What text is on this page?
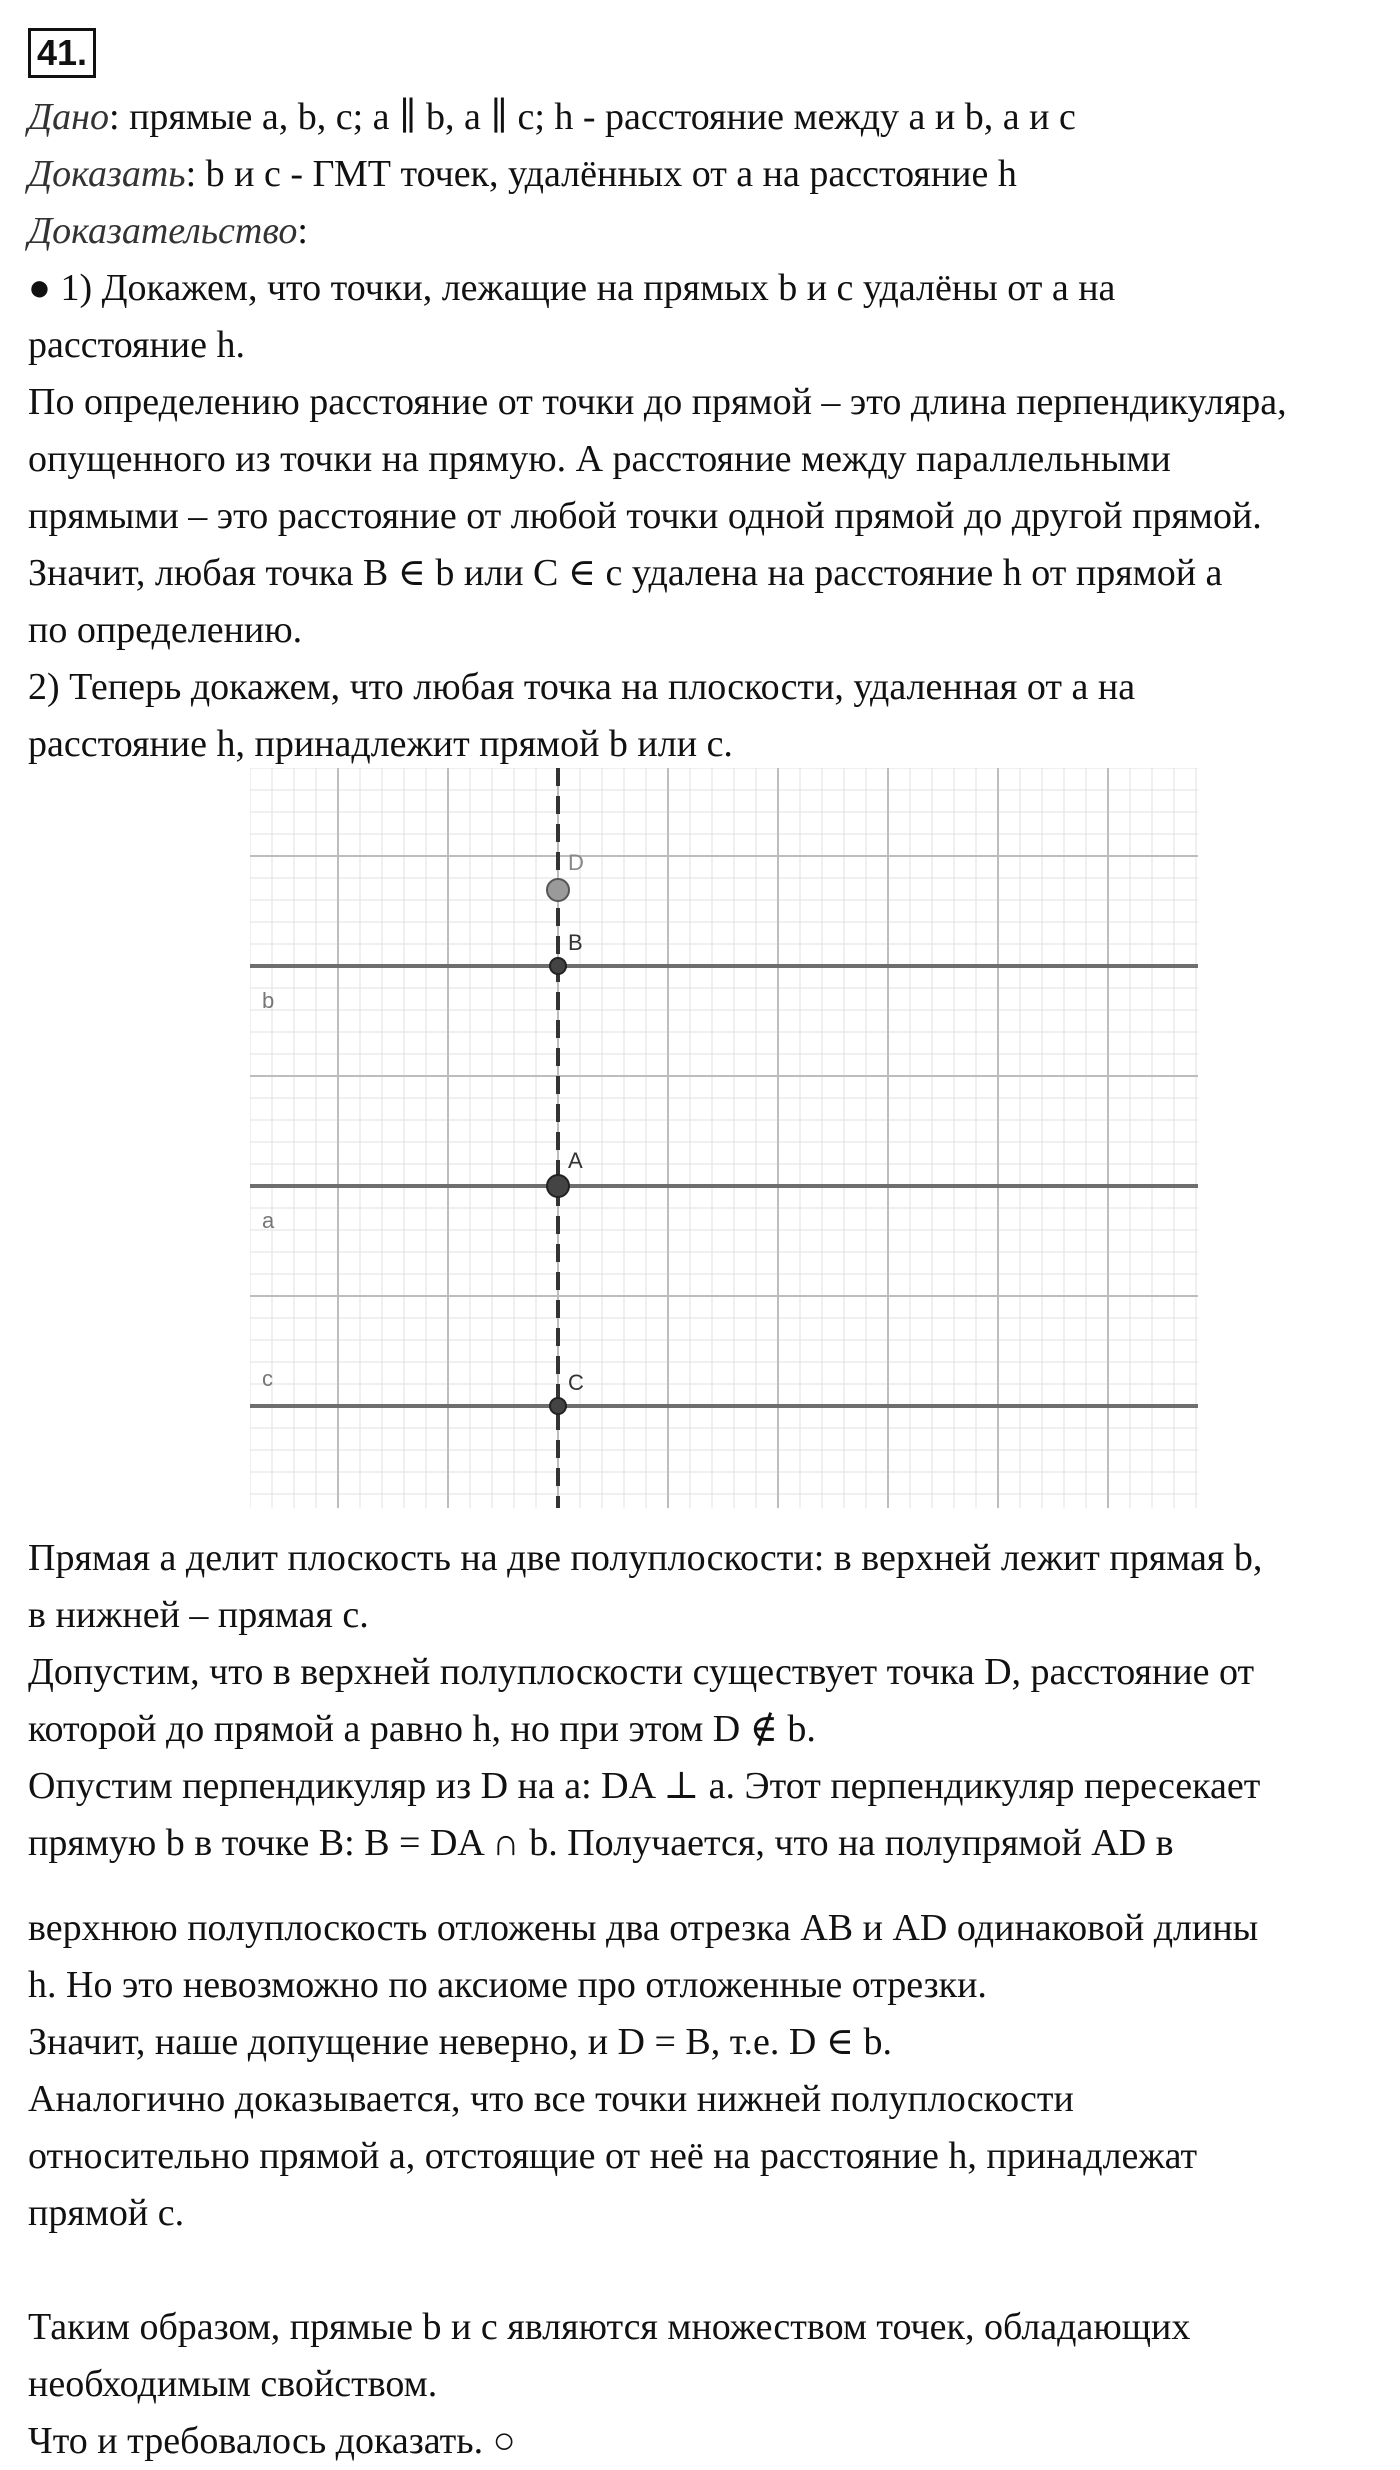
41.
Дано: прямые a, b, c; a ∥ b, a ∥ c; h - расстояние между a и b, a и c
Доказать: b и c - ГМТ точек, удалённых от a на расстояние h
Доказательство:
● 1) Докажем, что точки, лежащие на прямых b и c удалёны от a на
расстояние h.
По определению расстояние от точки до прямой – это длина перпендикуляра,
опущенного из точки на прямую. А расстояние между параллельными
прямыми – это расстояние от любой точки одной прямой до другой прямой.
Значит, любая точка B ∈ b или C ∈ c удалена на расстояние h от прямой a
по определению.
2) Теперь докажем, что любая точка на плоскости, удаленная от a на
расстояние h, принадлежит прямой b или c.
b
a
c
D
B
A
C
Прямая a делит плоскость на две полуплоскости: в верхней лежит прямая b,
в нижней – прямая c.
Допустим, что в верхней полуплоскости существует точка D, расстояние от
которой до прямой a равно h, но при этом D ∉ b.
Опустим перпендикуляр из D на a: DA ⊥ a. Этот перпендикуляр пересекает
прямую b в точке B: B = DA ∩ b. Получается, что на полупрямой AD в
верхнюю полуплоскость отложены два отрезка AB и AD одинаковой длины
h. Но это невозможно по аксиоме про отложенные отрезки.
Значит, наше допущение неверно, и D = B, т.е. D ∈ b.
Аналогично доказывается, что все точки нижней полуплоскости
относительно прямой a, отстоящие от неё на расстояние h, принадлежат
прямой c.
Таким образом, прямые b и c являются множеством точек, обладающих
необходимым свойством.
Что и требовалось доказать. ○
